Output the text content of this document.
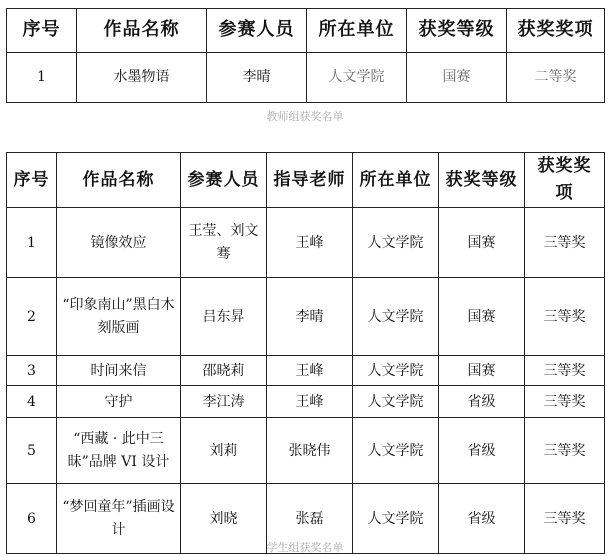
序号	作品名称	参赛人员	所在单位	获奖等级	获奖奖项
1	水墨物语	李晴	人文学院	国赛	二等奖
教师组获奖名单
序号	作品名称	参赛人员	指导老师	所在单位	获奖等级	获奖奖项
1	镜像效应	王莹、刘文骞	王峰	人文学院	国赛	三等奖
2	“印象南山”黑白木刻版画	吕东昇	李晴	人文学院	国赛	三等奖
3	时间来信	邵晓莉	王峰	人文学院	国赛	三等奖
4	守护	李江涛	王峰	人文学院	省级	三等奖
5	“西藏 · 此中三昧”品牌 VI 设计	刘莉	张晓伟	人文学院	省级	三等奖
6	“梦回童年”插画设计	刘晓	张磊	人文学院	省级	三等奖
学生组获奖名单
